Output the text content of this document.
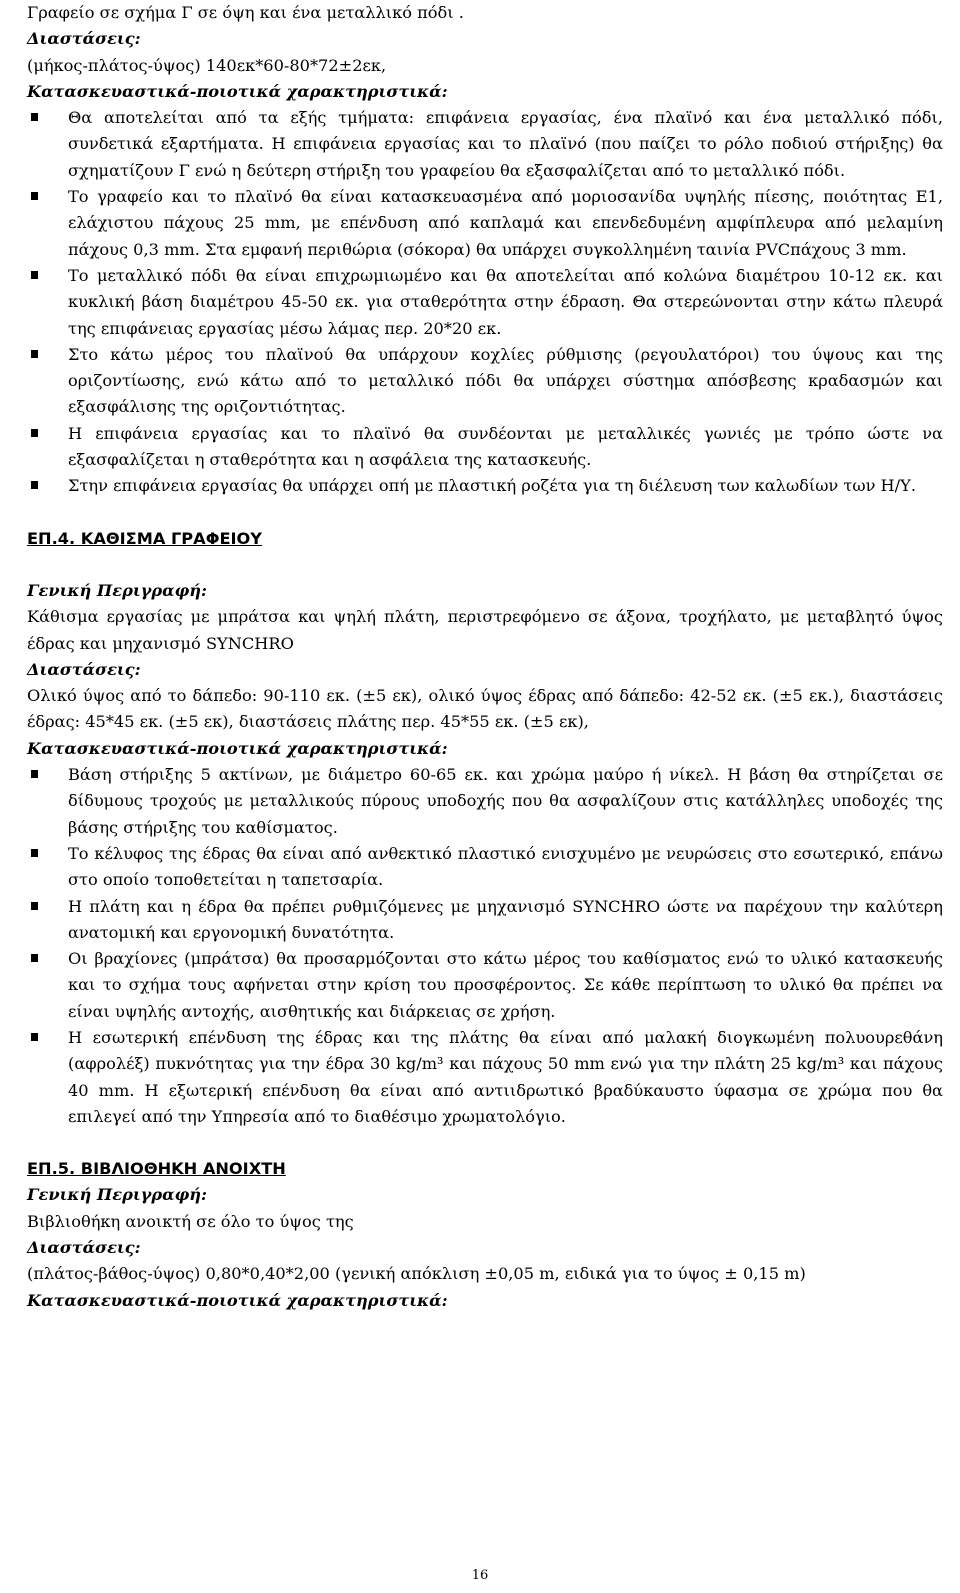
Γραφείο σε σχήμα Γ σε όψη και ένα μεταλλικό πόδι .

Διαστάσεις:

(μήκος-πλάτος-ύψος) 140εκ*60-80*72±2εκ,

Κατασκευαστικά-ποιοτικά χαρακτηριστικά:

Θα αποτελείται από τα εξής τμήματα: επιφάνεια εργασίας, ένα πλαϊνό και ένα μεταλλικό πόδι, συνδετικά εξαρτήματα. Η επιφάνεια εργασίας και το πλαϊνό (που παίζει το ρόλο ποδιού στήριξης) θα σχηματίζουν Γ ενώ η δεύτερη στήριξη του γραφείου θα εξασφαλίζεται από το μεταλλικό πόδι.
Το γραφείο και το πλαϊνό θα είναι κατασκευασμένα από μοριοσανίδα υψηλής πίεσης, ποιότητας Ε1, ελάχιστου πάχους 25 mm, με επένδυση από καπλαμά και επενδεδυμένη αμφίπλευρα από μελαμίνη πάχους 0,3 mm. Στα εμφανή περιθώρια (σόκορα) θα υπάρχει συγκολλημένη ταινία PVCπάχους 3 mm.
Το μεταλλικό πόδι θα είναι επιχρωμιωμένο και θα αποτελείται από κολώνα διαμέτρου 10-12 εκ. και κυκλική βάση διαμέτρου 45-50 εκ. για σταθερότητα στην έδραση. Θα στερεώνονται στην κάτω πλευρά της επιφάνειας εργασίας μέσω λάμας περ. 20*20 εκ.
Στο κάτω μέρος του πλαϊνού θα υπάρχουν κοχλίες ρύθμισης (ρεγουλατόροι) του ύψους και της οριζοντίωσης, ενώ κάτω από το μεταλλικό πόδι θα υπάρχει σύστημα απόσβεσης κραδασμών και εξασφάλισης της οριζοντιότητας.
Η επιφάνεια εργασίας και το πλαϊνό θα συνδέονται με μεταλλικές γωνιές με τρόπο ώστε να εξασφαλίζεται η σταθερότητα και η ασφάλεια της κατασκευής.
Στην επιφάνεια εργασίας θα υπάρχει οπή με πλαστική ροζέτα για τη διέλευση των καλωδίων των Η/Υ.

ΕΠ.4. ΚΑΘΙΣΜΑ ΓΡΑΦΕΙΟΥ

Γενική Περιγραφή:

Κάθισμα εργασίας με μπράτσα και ψηλή πλάτη, περιστρεφόμενο σε άξονα, τροχήλατο, με μεταβλητό ύψος έδρας και μηχανισμό SYNCHRO

Διαστάσεις:

Ολικό ύψος από το δάπεδο: 90-110 εκ. (±5 εκ), ολικό ύψος έδρας από δάπεδο: 42-52 εκ. (±5 εκ.), διαστάσεις έδρας: 45*45 εκ. (±5 εκ), διαστάσεις πλάτης περ. 45*55 εκ. (±5 εκ),

Κατασκευαστικά-ποιοτικά χαρακτηριστικά:

Βάση στήριξης 5 ακτίνων, με διάμετρο 60-65 εκ. και χρώμα μαύρο ή νίκελ. Η βάση θα στηρίζεται σε δίδυμους τροχούς με μεταλλικούς πύρους υποδοχής που θα ασφαλίζουν στις κατάλληλες υποδοχές της βάσης στήριξης του καθίσματος.
Το κέλυφος της έδρας θα είναι από ανθεκτικό πλαστικό ενισχυμένο με νευρώσεις στο εσωτερικό, επάνω στο οποίο τοποθετείται η ταπετσαρία.
Η πλάτη και η έδρα θα πρέπει ρυθμιζόμενες με μηχανισμό SYNCHRO ώστε να παρέχουν την καλύτερη ανατομική και εργονομική δυνατότητα.
Οι βραχίονες (μπράτσα) θα προσαρμόζονται στο κάτω μέρος του καθίσματος ενώ το υλικό κατασκευής και το σχήμα τους αφήνεται στην κρίση του προσφέροντος. Σε κάθε περίπτωση το υλικό θα πρέπει να είναι υψηλής αντοχής, αισθητικής και διάρκειας σε χρήση.
Η εσωτερική επένδυση της έδρας και της πλάτης θα είναι από μαλακή διογκωμένη πολυουρεθάνη (αφρολέξ) πυκνότητας για την έδρα 30 kg/m³ και πάχους 50 mm ενώ για την πλάτη 25 kg/m³ και πάχους 40 mm. Η εξωτερική επένδυση θα είναι από αντιιδρωτικό βραδύκαυστο ύφασμα σε χρώμα που θα επιλεγεί από την Υπηρεσία από το διαθέσιμο χρωματολόγιο.

ΕΠ.5. ΒΙΒΛΙΟΘΗΚΗ ΑΝΟΙΧΤΗ

Γενική Περιγραφή:

Βιβλιοθήκη ανοικτή σε όλο το ύψος της

Διαστάσεις:

(πλάτος-βάθος-ύψος) 0,80*0,40*2,00 (γενική απόκλιση ±0,05 m, ειδικά για το ύψος ± 0,15 m)

Κατασκευαστικά-ποιοτικά χαρακτηριστικά:

16
